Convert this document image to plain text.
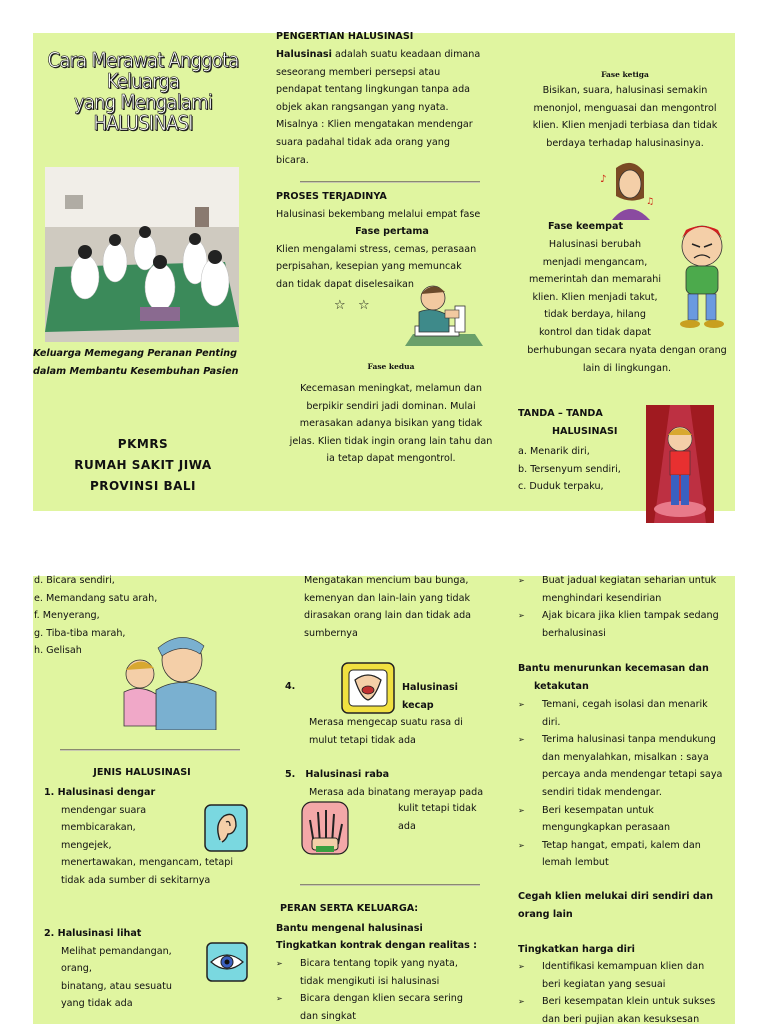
Cara Merawat Anggota Keluarga
yang Mengalami
HALUSINASI
Keluarga Memegang Peranan Penting
dalam Membantu Kesembuhan Pasien
PKMRS
RUMAH SAKIT JIWA
PROVINSI BALI
PENGERTIAN HALUSINASI
Halusinasi adalah suatu keadaan dimana
seseorang memberi persepsi atau
pendapat tentang lingkungan tanpa ada
objek akan rangsangan yang nyata.
Misalnya : Klien mengatakan mendengar
suara padahal tidak ada orang yang
bicara.
PROSES TERJADINYA
Halusinasi bekembang melalui empat fase
Fase pertama
Klien mengalami stress, cemas, perasaan
perpisahan, kesepian yang memuncak
dan tidak dapat diselesaikan
☆   ☆
Fase kedua
Kecemasan meningkat, melamun dan
berpikir sendiri jadi dominan. Mulai
merasakan adanya bisikan yang tidak
jelas. Klien tidak ingin orang lain tahu dan
ia tetap dapat mengontrol.
Fase ketiga
Bisikan, suara, halusinasi semakin
menonjol, menguasai dan mengontrol
klien. Klien menjadi terbiasa dan tidak
berdaya terhadap halusinasinya.
♪
♫
Fase keempat
Halusinasi berubah
menjadi mengancam,
memerintah dan memarahi
klien. Klien menjadi takut,
tidak berdaya, hilang
kontrol dan tidak dapat
berhubungan secara nyata dengan orang
lain di lingkungan.
TANDA – TANDA
HALUSINASI
a. Menarik diri,
b. Tersenyum sendiri,
c. Duduk terpaku,
d. Bicara sendiri,
e. Memandang satu arah,
f. Menyerang,
g. Tiba-tiba marah,
h. Gelisah
JENIS HALUSINASI
1. Halusinasi dengar
mendengar suara
membicarakan,
mengejek,
menertawakan, mengancam, tetapi
tidak ada sumber di sekitarnya
2. Halusinasi lihat
Melihat pemandangan,
orang,
binatang, atau sesuatu
yang tidak ada
Mengatakan mencium bau bunga,
kemenyan dan lain-lain yang tidak
dirasakan orang lain dan tidak ada
sumbernya
4.	Halusinasi
kecap
Merasa mengecap suatu rasa di
mulut tetapi tidak ada
5.   Halusinasi raba
Merasa ada binatang merayap pada
kulit tetapi tidak
ada
PERAN SERTA KELUARGA:
Bantu mengenal halusinasi
Tingkatkan kontrak dengan realitas :
➢ Bicara tentang topik yang nyata,
tidak mengikuti isi halusinasi
➢ Bicara dengan klien secara sering
dan singkat
➢ Buat jadual kegiatan seharian untuk
menghindari kesendirian
➢ Ajak bicara jika klien tampak sedang
berhalusinasi
Bantu menurunkan kecemasan dan
ketakutan
➢ Temani, cegah isolasi dan menarik
diri.
➢ Terima halusinasi tanpa mendukung
dan menyalahkan, misalkan : saya
percaya anda mendengar tetapi saya
sendiri tidak mendengar.
➢ Beri kesempatan untuk
mengungkapkan perasaan
➢ Tetap hangat, empati, kalem dan
lemah lembut
Cegah klien melukai diri sendiri dan
orang lain
Tingkatkan harga diri
➢ Identifikasi kemampuan klien dan
beri kegiatan yang sesuai
➢ Beri kesempatan klein untuk sukses
dan beri pujian akan kesuksesan
